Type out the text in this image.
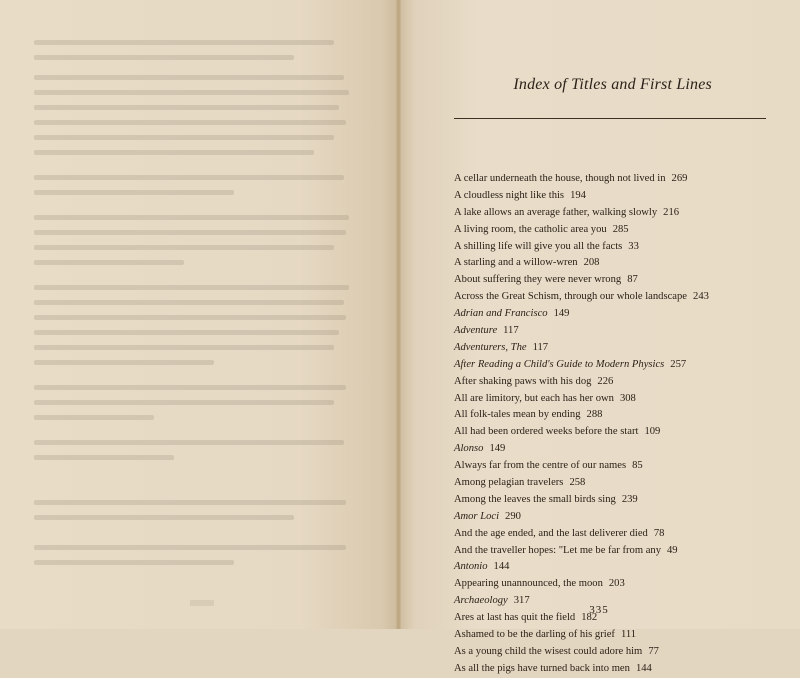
Index of Titles and First Lines
A cellar underneath the house, though not lived in 269
A cloudless night like this 194
A lake allows an average father, walking slowly 216
A living room, the catholic area you 285
A shilling life will give you all the facts 33
A starling and a willow-wren 208
About suffering they were never wrong 87
Across the Great Schism, through our whole landscape 243
Adrian and Francisco 149
Adventure 117
Adventurers, The 117
After Reading a Child's Guide to Modern Physics 257
After shaking paws with his dog 226
All are limitory, but each has her own 308
All folk-tales mean by ending 288
All had been ordered weeks before the start 109
Alonso 149
Always far from the centre of our names 85
Among pelagian travelers 258
Among the leaves the small birds sing 239
Amor Loci 290
And the age ended, and the last deliverer died 78
And the traveller hopes: "Let me be far from any 49
Antonio 144
Appearing unannounced, the moon 203
Archaeology 317
Ares at last has quit the field 182
Ashamed to be the darling of his grief 111
As a young child the wisest could adore him 77
As all the pigs have turned back into men 144
335
